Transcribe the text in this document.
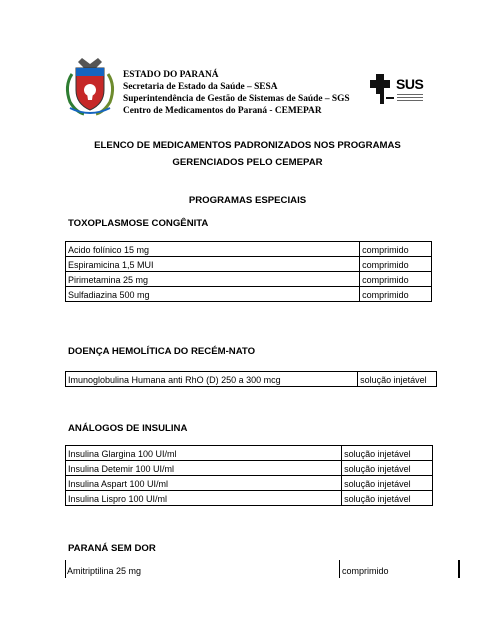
ESTADO DO PARANÁ
Secretaria de Estado da Saúde – SESA
Superintendência de Gestão de Sistemas de Saúde – SGS
Centro de Medicamentos do Paraná - CEMEPAR
SUS
ELENCO DE MEDICAMENTOS PADRONIZADOS NOS PROGRAMAS
GERENCIADOS PELO CEMEPAR
PROGRAMAS ESPECIAIS
TOXOPLASMOSE CONGÊNITA
Acido folínico 15 mg	comprimido
Espiramicina 1,5 MUI	comprimido
Pirimetamina 25 mg	comprimido
Sulfadiazina 500 mg	comprimido
DOENÇA HEMOLÍTICA DO RECÉM-NATO
Imunoglobulina Humana anti RhO (D) 250 a 300 mcg	solução injetável
ANÁLOGOS DE INSULINA
Insulina Glargina 100 UI/ml	solução injetável
Insulina Detemir 100 UI/ml	solução injetável
Insulina Aspart 100 UI/ml	solução injetável
Insulina Lispro 100 UI/ml	solução injetável
PARANÁ SEM DOR
Amitriptilina 25 mg	comprimido
